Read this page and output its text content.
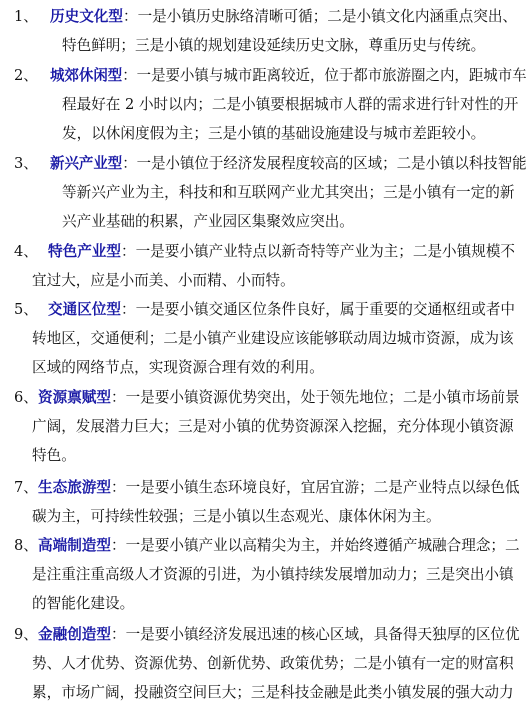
1、 历史文化型：一是小镇历史脉络清晰可循；二是小镇文化内涵重点突出、
特色鲜明；三是小镇的规划建设延续历史文脉，尊重历史与传统。
2、 城郊休闲型：一是要小镇与城市距离较近，位于都市旅游圈之内，距城市车
程最好在 2 小时以内；二是小镇要根据城市人群的需求进行针对性的开
发，以休闲度假为主；三是小镇的基础设施建设与城市差距较小。
3、 新兴产业型：一是小镇位于经济发展程度较高的区域；二是小镇以科技智能
等新兴产业为主，科技和和互联网产业尤其突出；三是小镇有一定的新
兴产业基础的积累，产业园区集聚效应突出。
4、 特色产业型：一是要小镇产业特点以新奇特等产业为主；二是小镇规模不
宜过大，应是小而美、小而精、小而特。
5、 交通区位型：一是要小镇交通区位条件良好，属于重要的交通枢纽或者中
转地区，交通便利；二是小镇产业建设应该能够联动周边城市资源，成为该
区域的网络节点，实现资源合理有效的利用。
6、 资源禀赋型：一是要小镇资源优势突出，处于领先地位；二是小镇市场前景
广阔，发展潜力巨大；三是对小镇的优势资源深入挖掘，充分体现小镇资源
特色。
7、 生态旅游型：一是要小镇生态环境良好，宜居宜游；二是产业特点以绿色低
碳为主，可持续性较强；三是小镇以生态观光、康体休闲为主。
8、 高端制造型：一是要小镇产业以高精尖为主，并始终遵循产城融合理念；二
是注重注重高级人才资源的引进，为小镇持续发展增加动力；三是突出小镇
的智能化建设。
9、 金融创造型：一是要小镇经济发展迅速的核心区域，具备得天独厚的区位优
势、人才优势、资源优势、创新优势、政策优势；二是小镇有一定的财富积
累，市场广阔，投融资空间巨大；三是科技金融是此类小镇发展的强大动力
